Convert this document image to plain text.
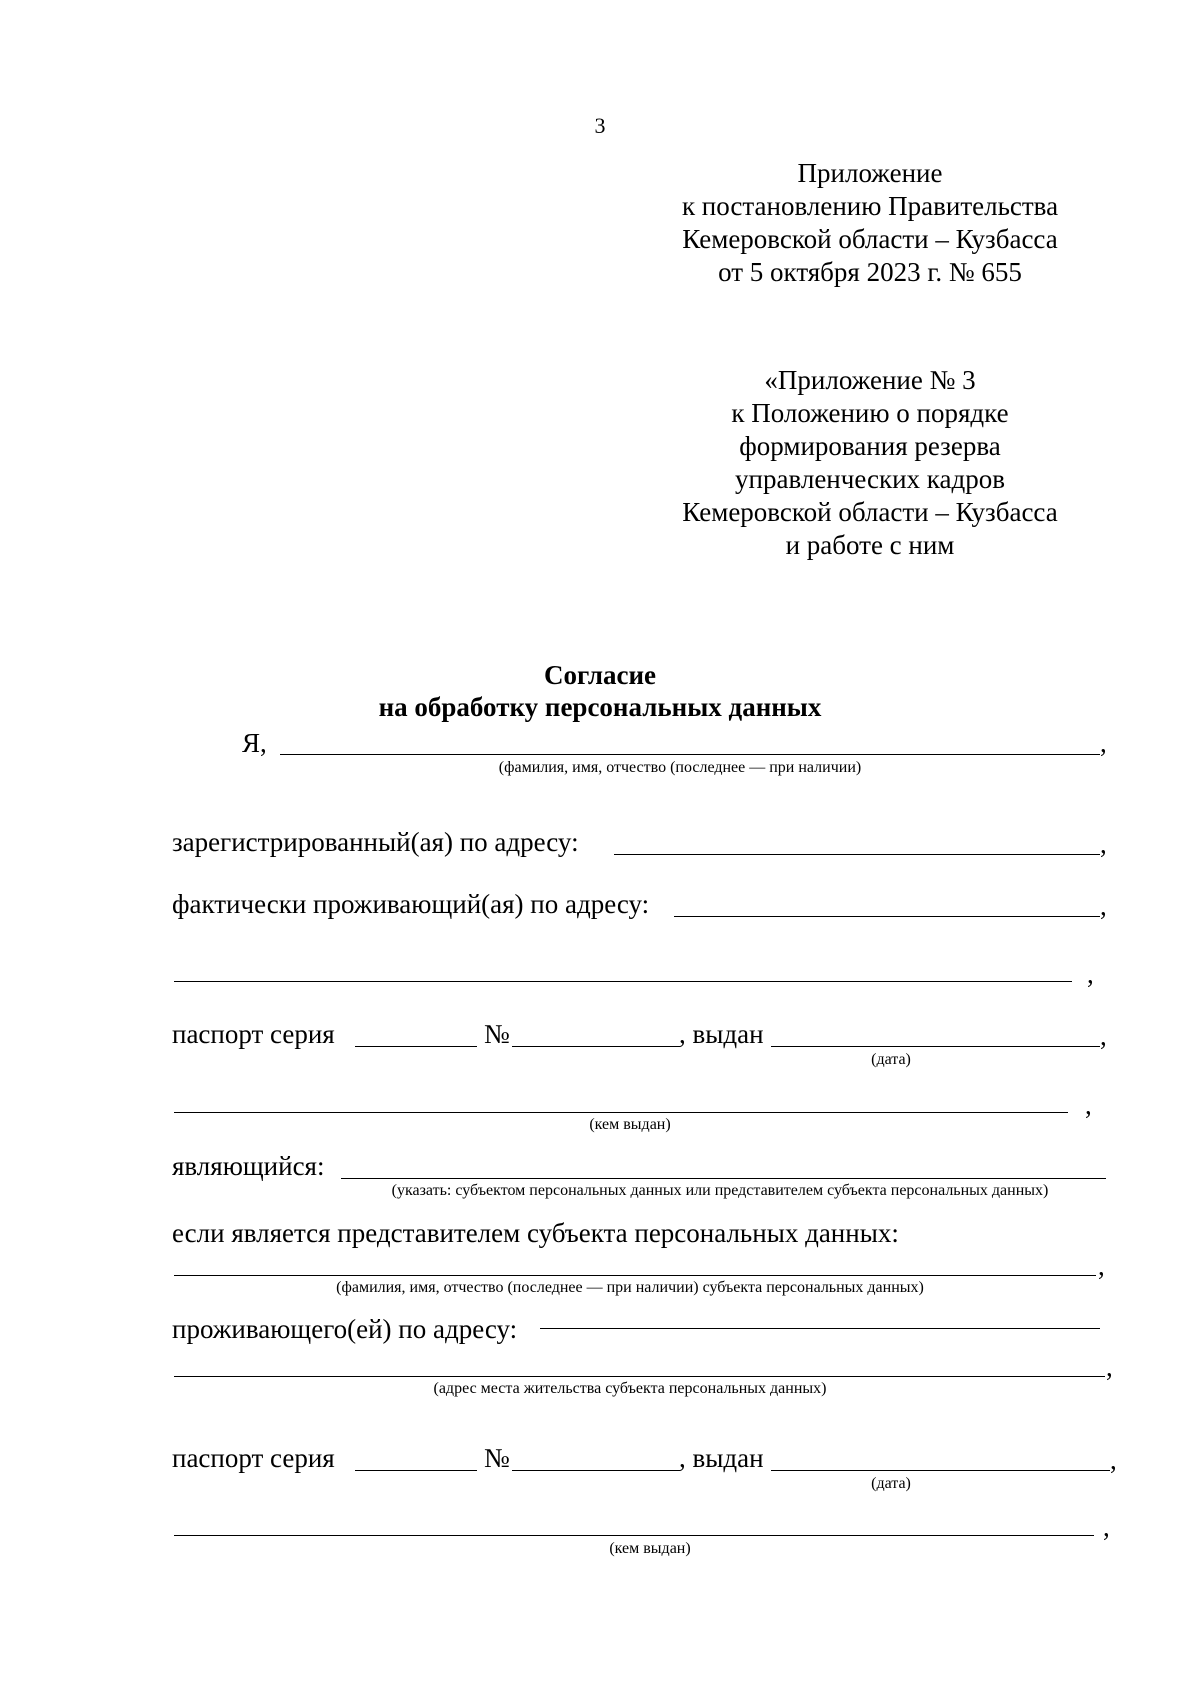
3
Приложение
к постановлению Правительства
Кемеровской области – Кузбасса
от 5 октября 2023 г. № 655
«Приложение № 3
к Положению о порядке
формирования резерва
управленческих кадров
Кемеровской области – Кузбасса
и работе с ним
Согласие
на обработку персональных данных
Я,	,
(фамилия, имя, отчество (последнее — при наличии)
зарегистрированный(ая) по адресу:	,
фактически проживающий(ая) по адресу:	,
,
паспорт серия	№	, выдан	,
(дата)
,
(кем выдан)
являющийся:
(указать: субъектом персональных данных или представителем субъекта персональных данных)
если является представителем субъекта персональных данных:
,
(фамилия, имя, отчество (последнее — при наличии) субъекта персональных данных)
проживающего(ей) по адресу:
,
(адрес места жительства субъекта персональных данных)
паспорт серия	№	, выдан	,
(дата)
,
(кем выдан)
